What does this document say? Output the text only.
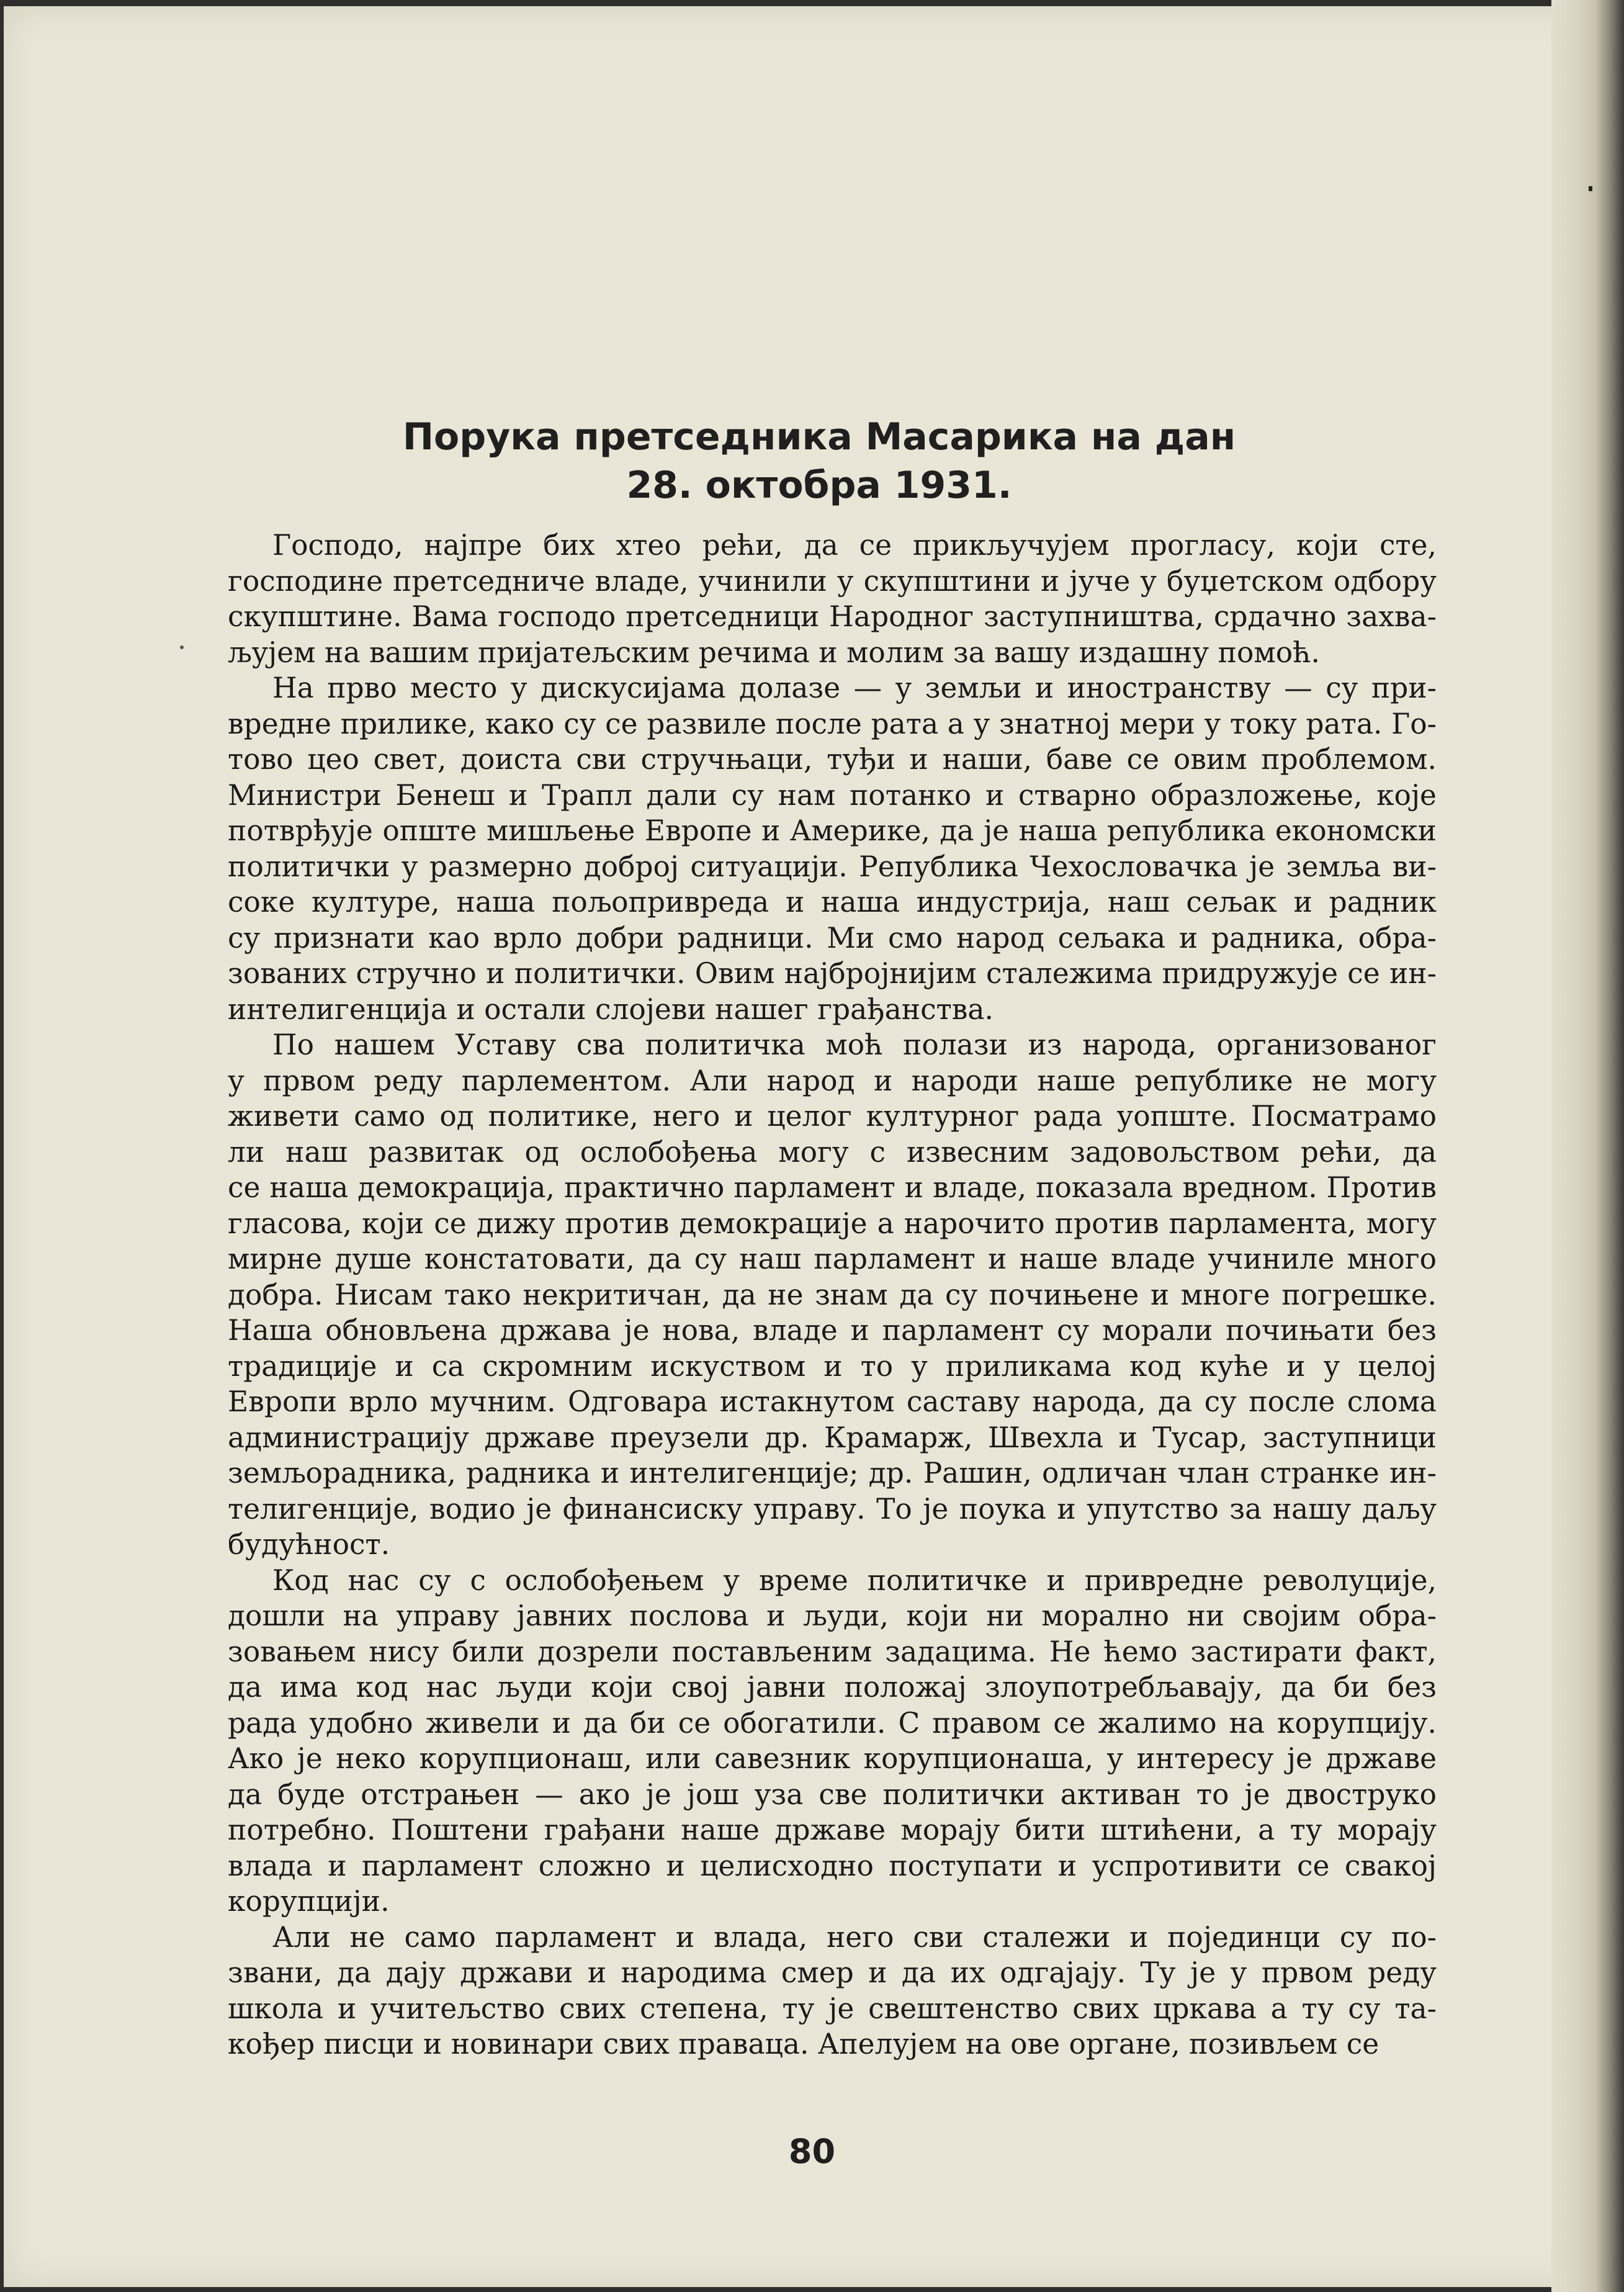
Порука претседника Масарика на дан
28. октобра 1931.
Господо, најпре бих хтео рећи, да се прикључујем прогласу, који сте,
господине претседниче владе, учинили у скупштини и јуче у буџетском одбору
скупштине. Вама господо претседници Народног заступништва, срдачно захва-
љујем на вашим пријатељским речима и молим за вашу издашну помоћ.
На прво место у дискусијама долазе — у земљи и иностранству — су при-
вредне прилике, како су се развиле после рата а у знатној мери у току рата. Го-
тово цео свет, доиста сви стручњаци, туђи и наши, баве се овим проблемом.
Министри Бенеш и Трапл дали су нам потанко и стварно образложење, које
потврђује опште мишљење Европе и Америке, да је наша република економски
политички у размерно доброј ситуацији. Република Чехословачка је земља ви-
соке културе, наша пољопривреда и наша индустрија, наш сељак и радник
су признати као врло добри радници. Ми смо народ сељака и радника, обра-
зованих стручно и политички. Овим најбројнијим сталежима придружује се ин-
интелигенција и остали слојеви нашег грађанства.
По нашем Уставу сва политичка моћ полази из народа, организованог
у првом реду парлементом. Али народ и народи наше републике не могу
живети само од политике, него и целог културног рада уопште. Посматрамо
ли наш развитак од ослобођења могу с извесним задовољством рећи, да
се наша демокрација, практично парламент и владе, показала вредном. Против
гласова, који се дижу против демокрације а нарочито против парламента, могу
мирне душе констатовати, да су наш парламент и наше владе учиниле много
добра. Нисам тако некритичан, да не знам да су почињене и многе погрешке.
Наша обновљена држава је нова, владе и парламент су морали почињати без
традиције и са скромним искуством и то у приликама код куће и у целој
Европи врло мучним. Одговара истакнутом саставу народа, да су после слома
администрацију државе преузели др. Крамарж, Швехла и Тусар, заступници
земљорадника, радника и интелигенције; др. Рашин, одличан члан странке ин-
телигенције, водио је финансиску управу. То је поука и упутство за нашу даљу
будућност.
Код нас су с ослобођењем у време политичке и привредне револуције,
дошли на управу јавних послова и људи, који ни морално ни својим обра-
зовањем нису били дозрели постављеним задацима. Не ћемо застирати факт,
да има код нас људи који свој јавни положај злоупотребљавају, да би без
рада удобно живели и да би се обогатили. С правом се жалимо на корупцију.
Ако је неко корупционаш, или савезник корупционаша, у интересу је државе
да буде отстрањен — ако је још уза све политички активан то је двоструко
потребно. Поштени грађани наше државе морају бити штићени, а ту морају
влада и парламент сложно и целисходно поступати и успротивити се свакој
корупцији.
Али не само парламент и влада, него сви сталежи и појединци су по-
звани, да дају држави и народима смер и да их одгајају. Ту је у првом реду
школа и учитељство свих степена, ту је свештенство свих цркава а ту су та-
кођер писци и новинари свих праваца. Апелујем на ове органе, позивљем се
80
